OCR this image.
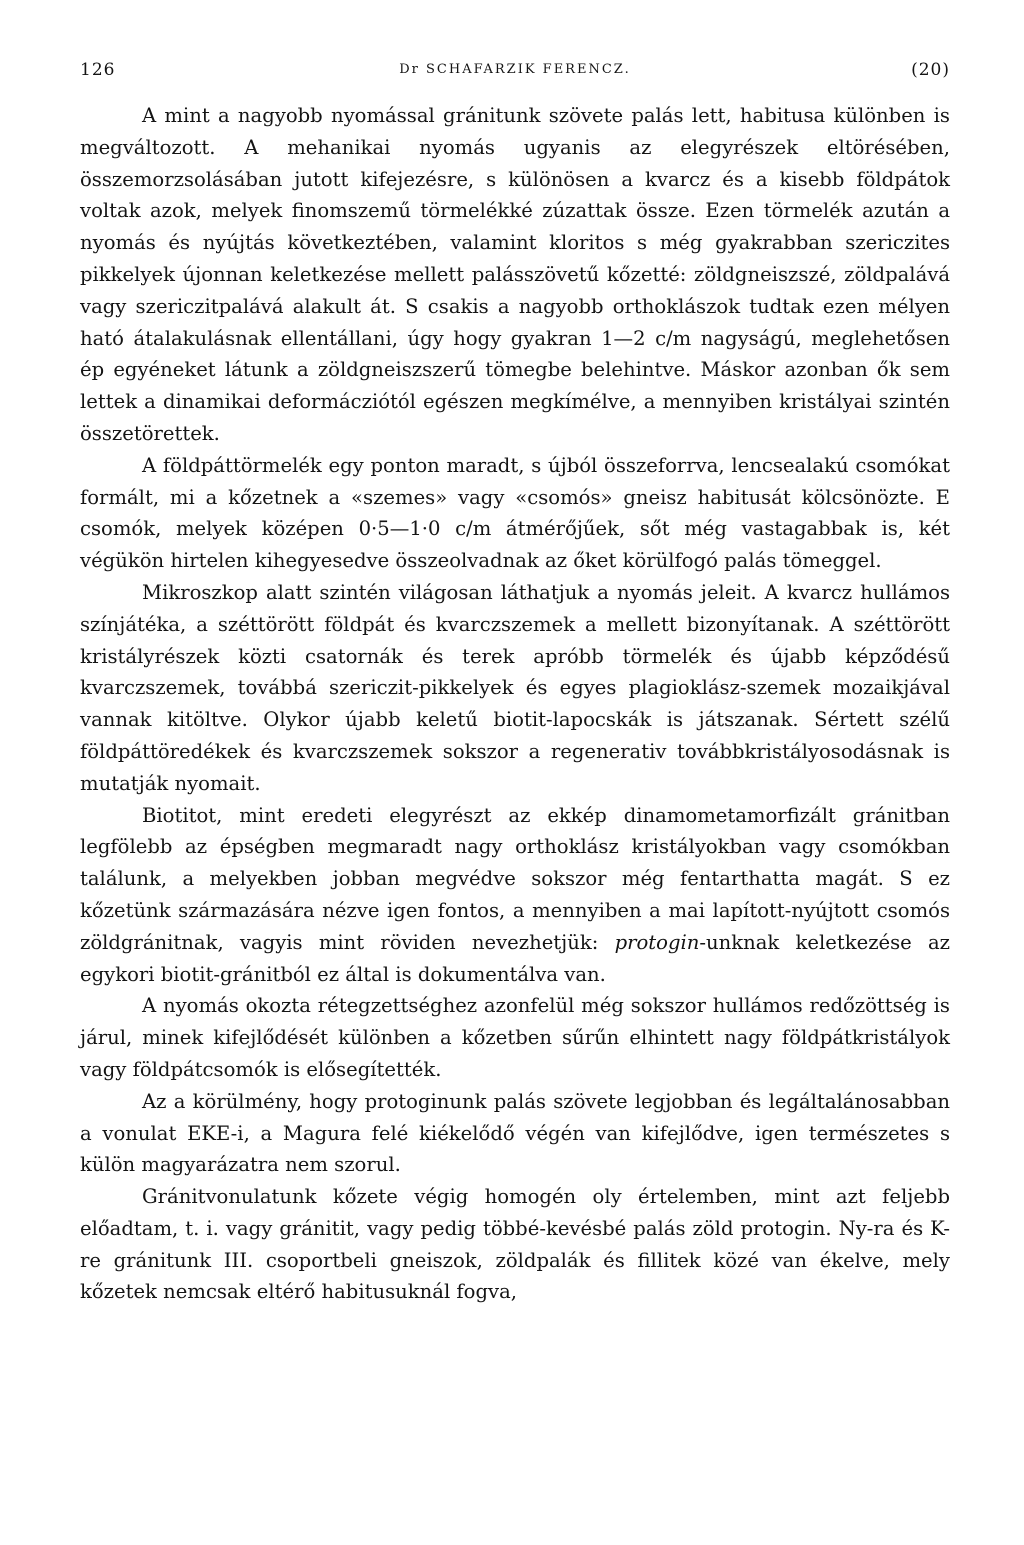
126	Dr SCHAFARZIK FERENCZ.	(20)

A mint a nagyobb nyomással gránitunk szövete palás lett, habitusa különben is megváltozott. A mehanikai nyomás ugyanis az elegyrészek eltörésében, összemorzsolásában jutott kifejezésre, s különösen a kvarcz és a kisebb földpátok voltak azok, melyek finomszemű törmelékké zúzattak össze. Ezen törmelék azután a nyomás és nyújtás következtében, valamint kloritos s még gyakrabban szericzites pikkelyek újonnan keletkezése mellett palásszövetű kőzetté: zöldgneiszszé, zöldpalává vagy szericzitpalává alakult át. S csakis a nagyobb orthoklászok tudtak ezen mélyen ható átalakulásnak ellentállani, úgy hogy gyakran 1—2 c/m nagyságú, meglehetősen ép egyéneket látunk a zöldgneiszszerű tömegbe belehintve. Máskor azonban ők sem lettek a dinamikai deformácziótól egészen megkímélve, a mennyiben kristályai szintén összetörettek.

A földpáttörmelék egy ponton maradt, s újból összeforrva, lencsealakú csomókat formált, mi a kőzetnek a «szemes» vagy «csomós» gneisz habitusát kölcsönözte. E csomók, melyek középen 0·5—1·0 c/m átmérőjűek, sőt még vastagabbak is, két végükön hirtelen kihegyesedve összeolvadnak az őket körülfogó palás tömeggel.

Mikroszkop alatt szintén világosan láthatjuk a nyomás jeleit. A kvarcz hullámos színjátéka, a széttörött földpát és kvarczszemek a mellett bizonyítanak. A széttörött kristályrészek közti csatornák és terek apróbb törmelék és újabb képződésű kvarczszemek, továbbá szericzit-pikkelyek és egyes plagioklász-szemek mozaikjával vannak kitöltve. Olykor újabb keletű biotit-lapocskák is játszanak. Sértett szélű földpáttöredékek és kvarczszemek sokszor a regenerativ továbbkristályosodásnak is mutatják nyomait.

Biotitot, mint eredeti elegyrészt az ekkép dinamometamorfizált gránitban legfölebb az épségben megmaradt nagy orthoklász kristályokban vagy csomókban találunk, a melyekben jobban megvédve sokszor még fentarthatta magát. S ez kőzetünk származására nézve igen fontos, a mennyiben a mai lapított-nyújtott csomós zöldgránitnak, vagyis mint röviden nevezhetjük: protogin-unknak keletkezése az egykori biotit-gránitból ez által is dokumentálva van.

A nyomás okozta rétegzettséghez azonfelül még sokszor hullámos redőzöttség is járul, minek kifejlődését különben a kőzetben sűrűn elhintett nagy földpátkristályok vagy földpátcsomók is elősegítették.

Az a körülmény, hogy protoginunk palás szövete legjobban és legáltalánosabban a vonulat EKE-i, a Magura felé kiékelődő végén van kifejlődve, igen természetes s külön magyarázatra nem szorul.

Gránitvonulatunk kőzete végig homogén oly értelemben, mint azt feljebb előadtam, t. i. vagy gránitit, vagy pedig többé-kevésbé palás zöld protogin. Ny-ra és K-re gránitunk III. csoportbeli gneiszok, zöldpalák és fillitek közé van ékelve, mely kőzetek nemcsak eltérő habitusuknál fogva,
